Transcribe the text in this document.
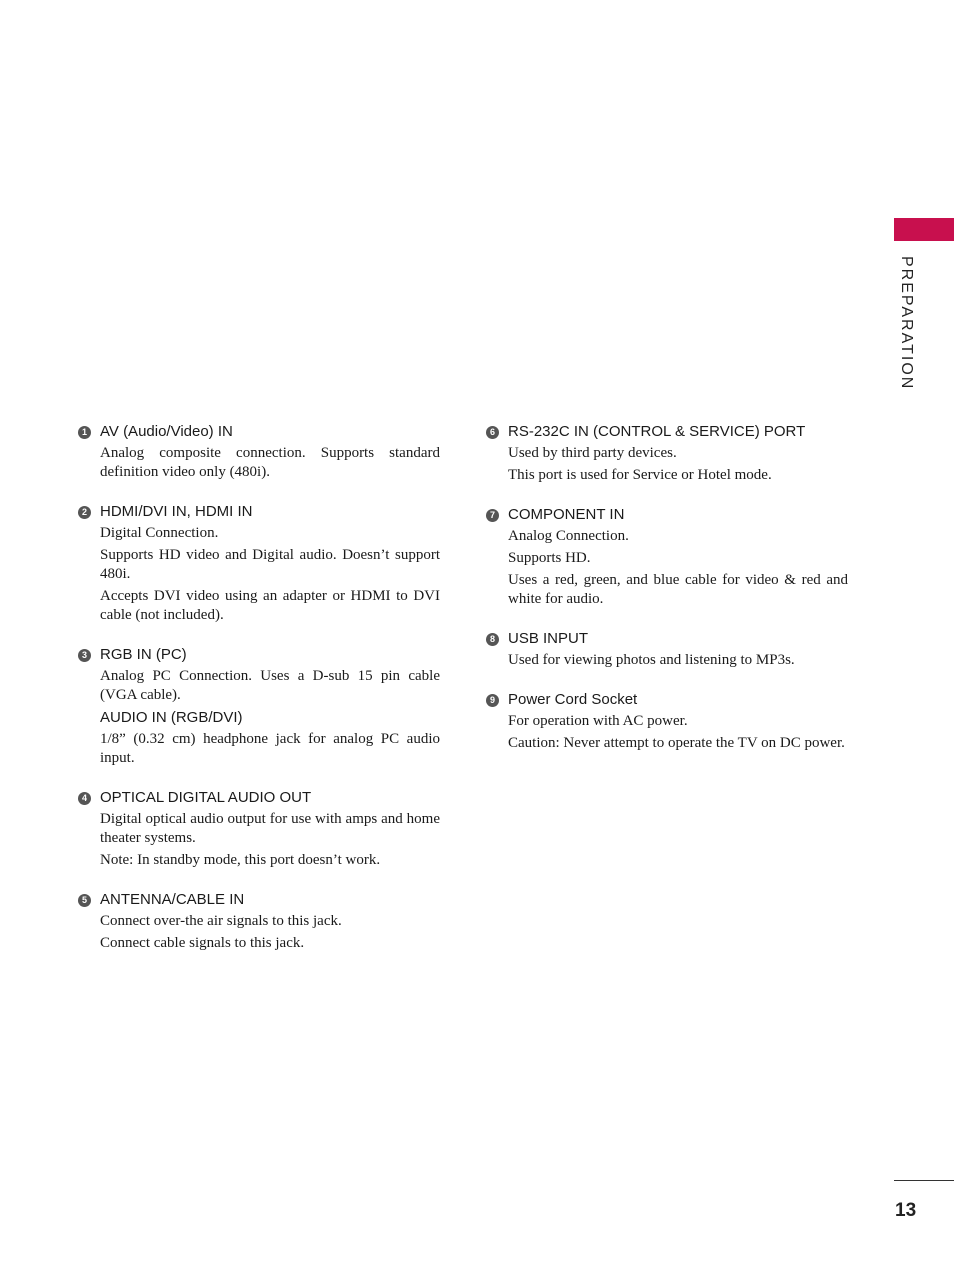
PREPARATION
1 AV (Audio/Video) IN

Analog composite connection. Supports standard definition video only (480i).

2 HDMI/DVI IN, HDMI IN

Digital Connection.

Supports HD video and Digital audio. Doesn’t support 480i.

Accepts DVI video using an adapter or HDMI to DVI cable (not included).

3 RGB IN (PC)

Analog PC Connection. Uses a D-sub 15 pin cable (VGA cable).

AUDIO IN (RGB/DVI)

1/8” (0.32 cm) headphone jack for analog PC audio input.

4 OPTICAL DIGITAL AUDIO OUT

Digital optical audio output for use with amps and home theater systems.

Note: In standby mode, this port doesn’t work.

5 ANTENNA/CABLE IN

Connect over-the air signals to this jack.

Connect cable signals to this jack.

6 RS-232C IN (CONTROL & SERVICE) PORT

Used by third party devices.

This port is used for Service or Hotel mode.

7 COMPONENT IN

Analog Connection.

Supports HD.

Uses a red, green, and blue cable for video & red and white for audio.

8 USB INPUT

Used for viewing photos and listening to MP3s.

9 Power Cord Socket

For operation with AC power.

Caution: Never attempt to operate the TV on DC power.

13
